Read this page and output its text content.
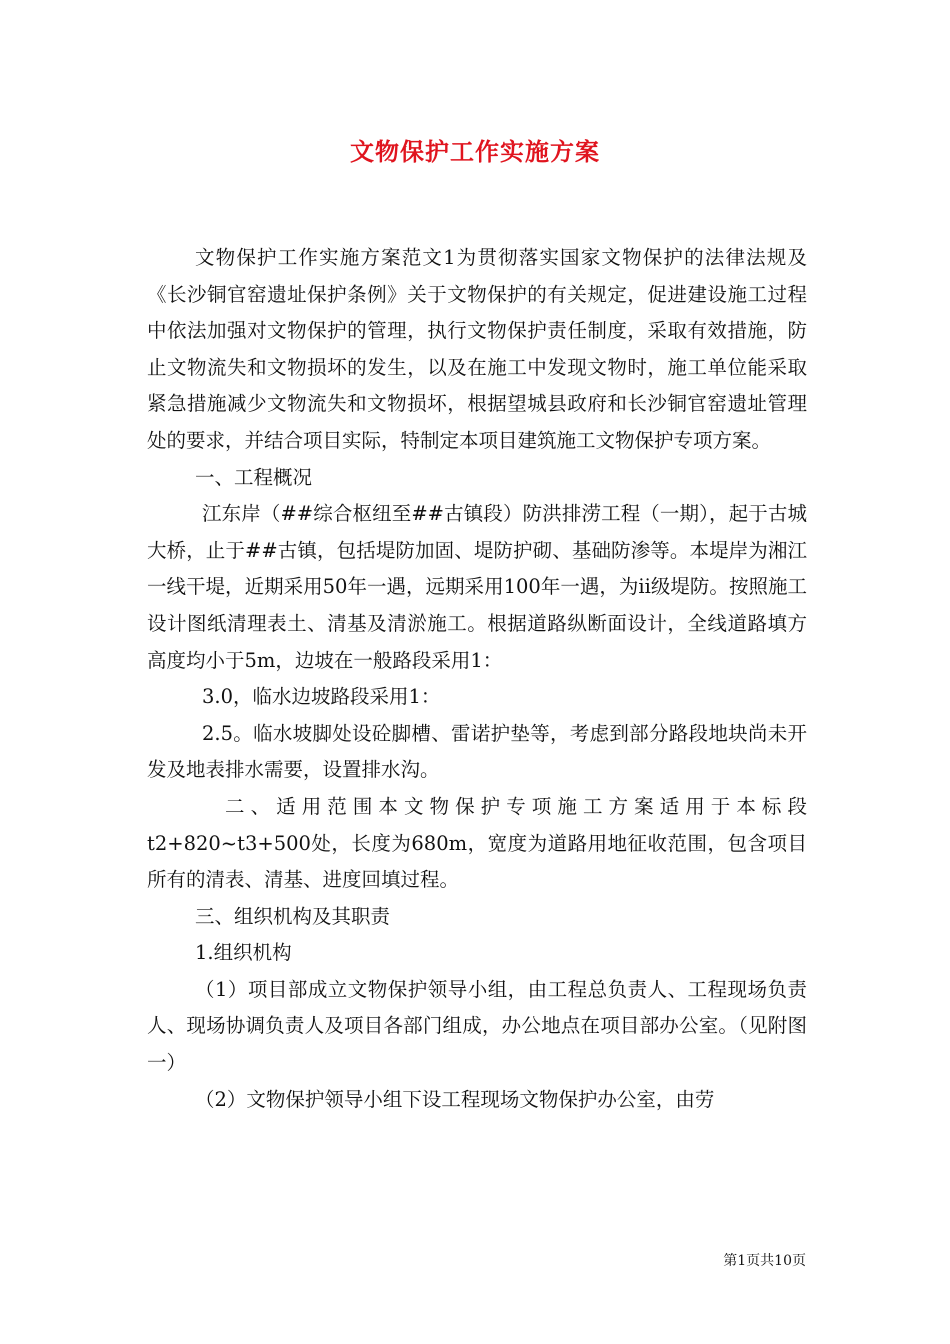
文物保护工作实施方案

文物保护工作实施方案范文1为贯彻落实国家文物保护的法律法规及《长沙铜官窑遗址保护条例》关于文物保护的有关规定，促进建设施工过程中依法加强对文物保护的管理，执行文物保护责任制度，采取有效措施，防止文物流失和文物损坏的发生，以及在施工中发现文物时，施工单位能采取紧急措施减少文物流失和文物损坏，根据望城县政府和长沙铜官窑遗址管理处的要求，并结合项目实际，特制定本项目建筑施工文物保护专项方案。

一、工程概况

江东岸（##综合枢纽至##古镇段）防洪排涝工程（一期），起于古城大桥，止于##古镇，包括堤防加固、堤防护砌、基础防渗等。本堤岸为湘江一线干堤，近期采用50年一遇，远期采用100年一遇，为ii级堤防。按照施工设计图纸清理表土、清基及清淤施工。根据道路纵断面设计，全线道路填方高度均小于5m，边坡在一般路段采用1：

3.0，临水边坡路段采用1：

2.5。临水坡脚处设砼脚槽、雷诺护垫等，考虑到部分路段地块尚未开发及地表排水需要，设置排水沟。

二、适用范围本文物保护专项施工方案适用于本标段t2+820~t3+500处，长度为680m，宽度为道路用地征收范围，包含项目所有的清表、清基、进度回填过程。

三、组织机构及其职责

1.组织机构

（1）项目部成立文物保护领导小组，由工程总负责人、工程现场负责人、现场协调负责人及项目各部门组成，办公地点在项目部办公室。（见附图一）

（2）文物保护领导小组下设工程现场文物保护办公室，由劳

第1页共10页
